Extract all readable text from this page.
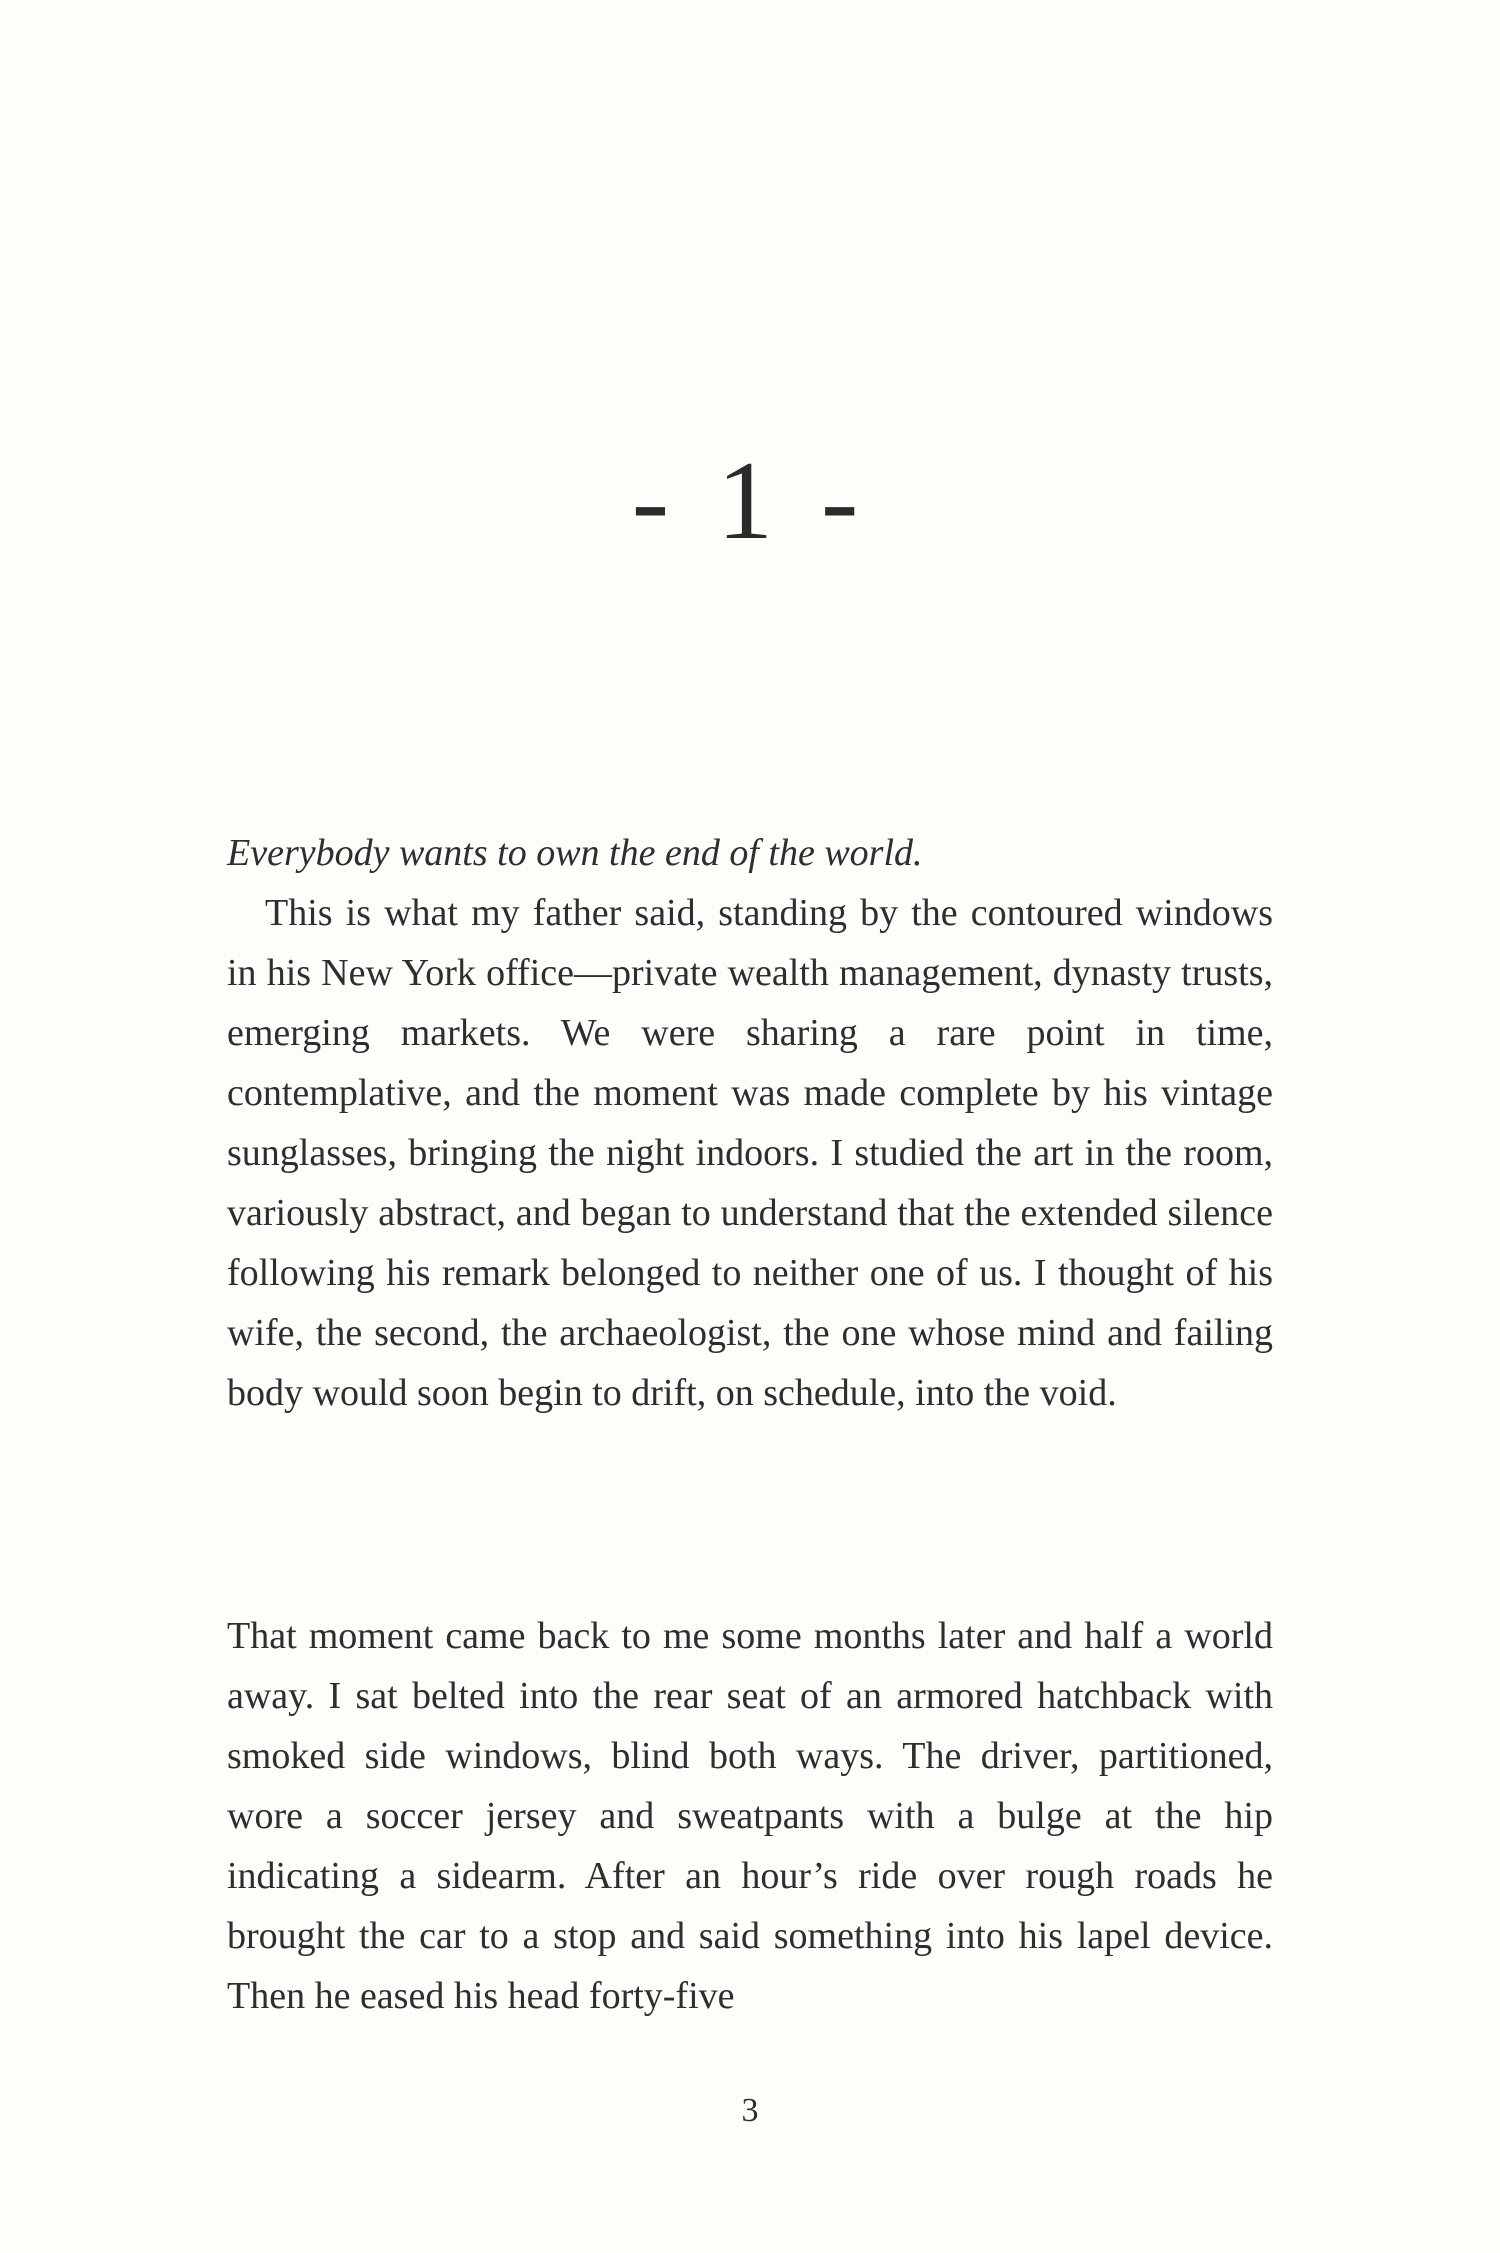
- 1 -

Everybody wants to own the end of the world.

This is what my father said, standing by the contoured windows in his New York office—private wealth management, dynasty trusts, emerging markets. We were sharing a rare point in time, contemplative, and the moment was made complete by his vintage sunglasses, bringing the night indoors. I studied the art in the room, variously abstract, and began to understand that the extended silence following his remark belonged to neither one of us. I thought of his wife, the second, the archaeologist, the one whose mind and failing body would soon begin to drift, on schedule, into the void.

That moment came back to me some months later and half a world away. I sat belted into the rear seat of an armored hatchback with smoked side windows, blind both ways. The driver, partitioned, wore a soccer jersey and sweatpants with a bulge at the hip indicating a sidearm. After an hour’s ride over rough roads he brought the car to a stop and said something into his lapel device. Then he eased his head forty-five

3
